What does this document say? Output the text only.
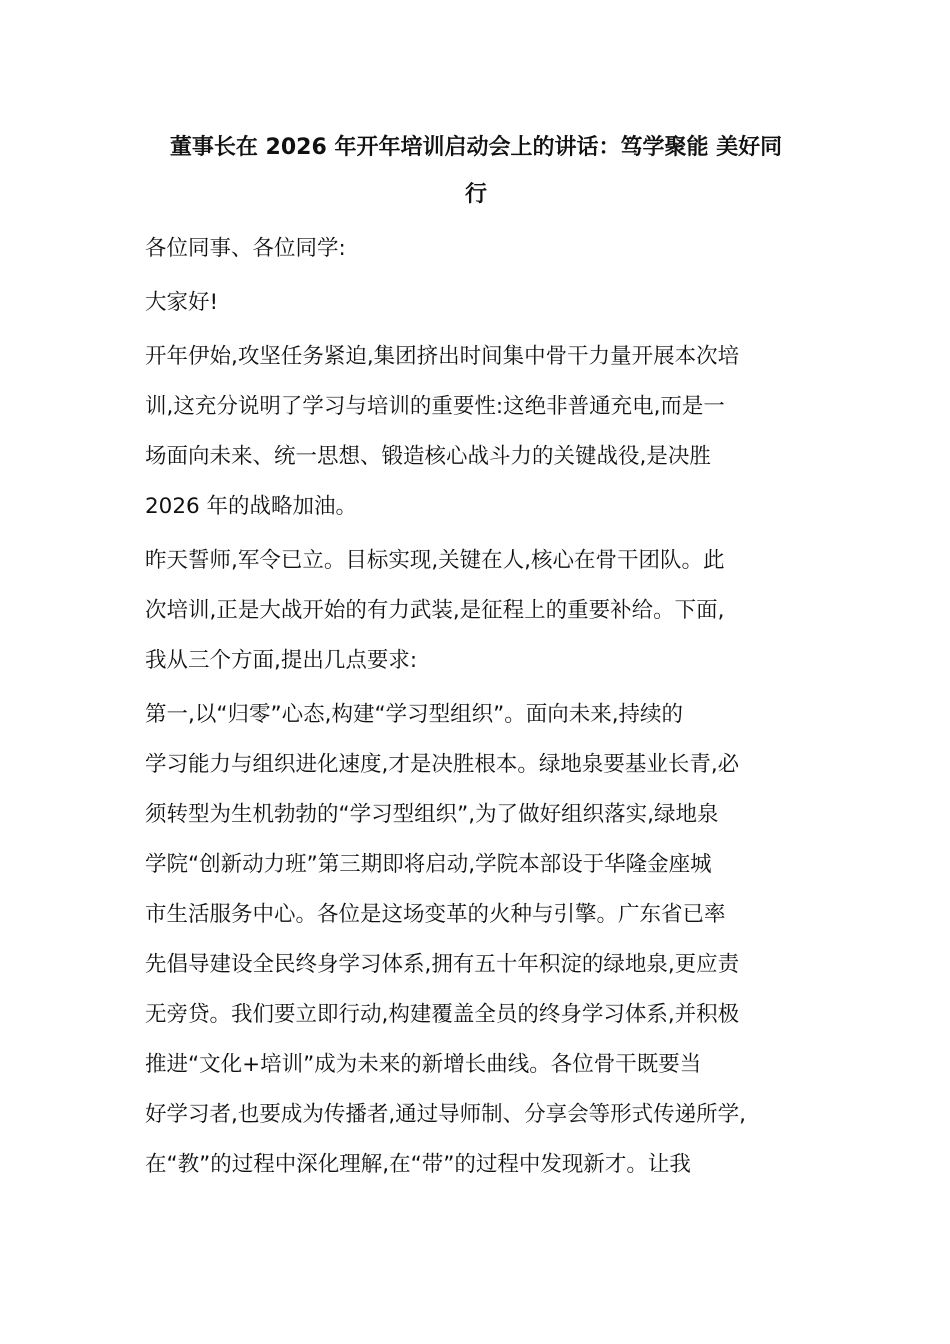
董事长在 2026 年开年培训启动会上的讲话：笃学聚能 美好同
行

各位同事、各位同学:

大家好!

开年伊始,攻坚任务紧迫,集团挤出时间集中骨干力量开展本次培
训,这充分说明了学习与培训的重要性:这绝非普通充电,而是一
场面向未来、统一思想、锻造核心战斗力的关键战役,是决胜
2026 年的战略加油。

昨天誓师,军令已立。目标实现,关键在人,核心在骨干团队。此
次培训,正是大战开始的有力武装,是征程上的重要补给。下面,
我从三个方面,提出几点要求:

第一,以“归零”心态,构建“学习型组织”。面向未来,持续的
学习能力与组织进化速度,才是决胜根本。绿地泉要基业长青,必
须转型为生机勃勃的“学习型组织”,为了做好组织落实,绿地泉
学院“创新动力班”第三期即将启动,学院本部设于华隆金座城
市生活服务中心。各位是这场变革的火种与引擎。广东省已率
先倡导建设全民终身学习体系,拥有五十年积淀的绿地泉,更应责
无旁贷。我们要立即行动,构建覆盖全员的终身学习体系,并积极
推进“文化+培训”成为未来的新增长曲线。各位骨干既要当
好学习者,也要成为传播者,通过导师制、分享会等形式传递所学,
在“教”的过程中深化理解,在“带”的过程中发现新才。让我
